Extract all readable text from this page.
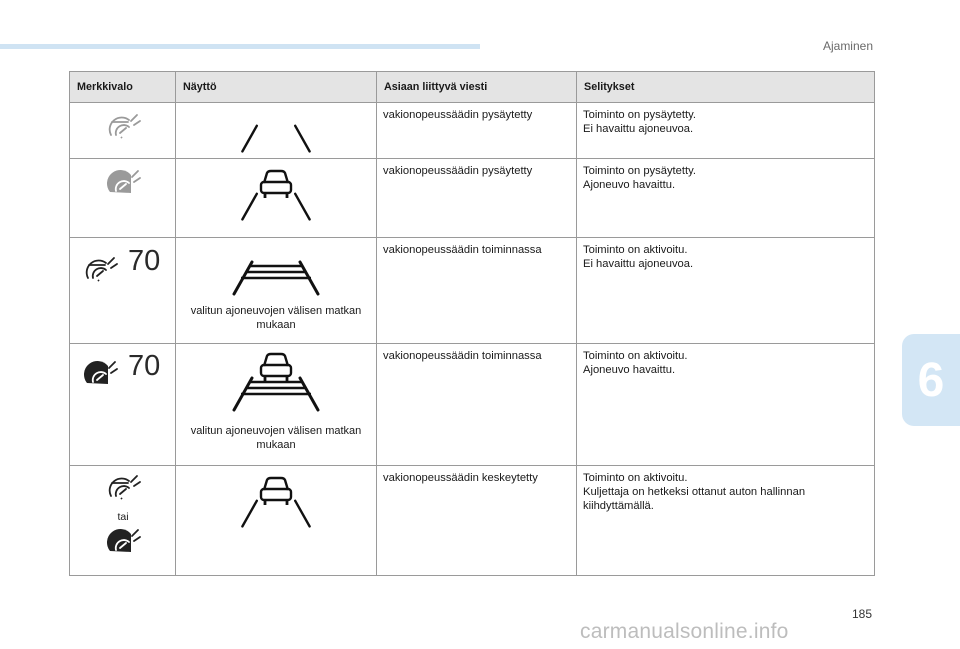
Ajaminen
6
185
carmanualsonline.info
Merkkivalo	Näyttö	Asiaan liittyvä viesti	Selitykset

	vakionopeussäädin pysäytetty	Toiminto on pysäytetty.
Ei havaittu ajoneuvoa.

	vakionopeussäädin pysäytetty	Toiminto on pysäytetty.
Ajoneuvo havaittu.

70	valitun ajoneuvojen välisen matkan mukaan	vakionopeussäädin toiminnassa	Toiminto on aktivoitu.
Ei havaittu ajoneuvoa.

70	valitun ajoneuvojen välisen matkan mukaan	vakionopeussäädin toiminnassa	Toiminto on aktivoitu.
Ajoneuvo havaittu.

tai		vakionopeussäädin keskeytetty	Toiminto on aktivoitu.
Kuljettaja on hetkeksi ottanut auton hallinnan kiihdyttämällä.
